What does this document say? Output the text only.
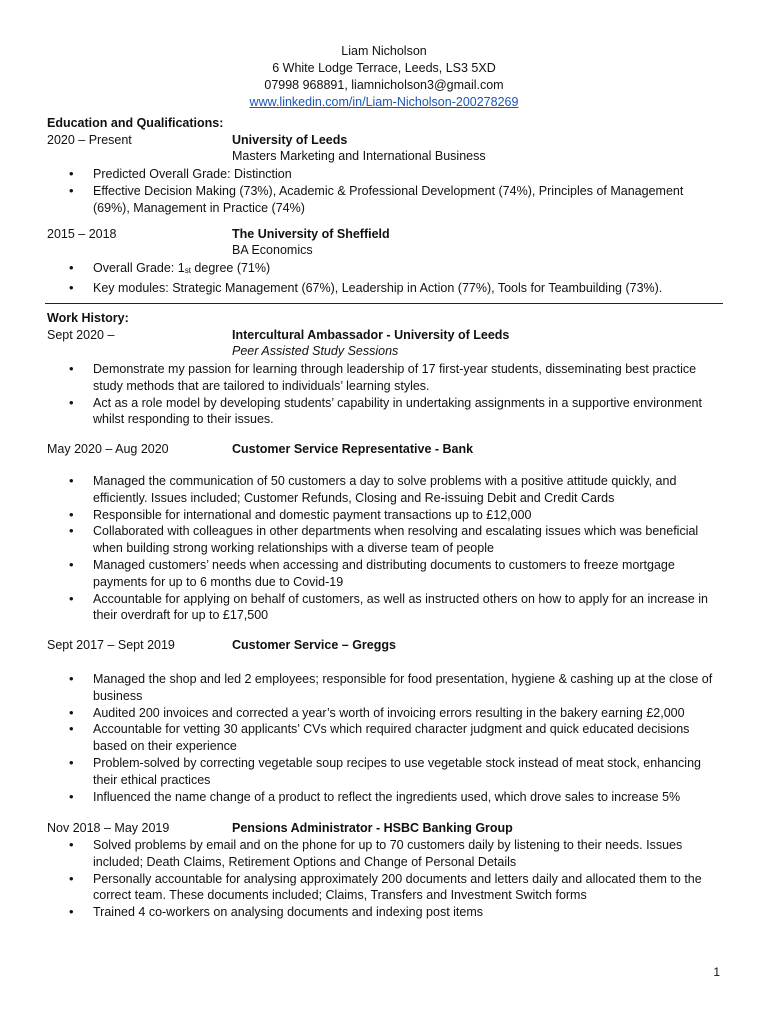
Liam Nicholson
6 White Lodge Terrace, Leeds, LS3 5XD
07998 968891, liamnicholson3@gmail.com
www.linkedin.com/in/Liam-Nicholson-200278269
Education and Qualifications:
2020 – Present	University of Leeds
Masters Marketing and International Business
• Predicted Overall Grade: Distinction
• Effective Decision Making (73%), Academic & Professional Development (74%), Principles of Management (69%), Management in Practice (74%)
2015 – 2018	The University of Sheffield
BA Economics
• Overall Grade: 1st degree (71%)
• Key modules: Strategic Management (67%), Leadership in Action (77%), Tools for Teambuilding (73%).
Work History:
Sept 2020 –	Intercultural Ambassador - University of Leeds
Peer Assisted Study Sessions
• Demonstrate my passion for learning through leadership of 17 first-year students, disseminating best practice study methods that are tailored to individuals’ learning styles.
• Act as a role model by developing students’ capability in undertaking assignments in a supportive environment whilst responding to their issues.
May 2020 – Aug 2020	Customer Service Representative - Bank
• Managed the communication of 50 customers a day to solve problems with a positive attitude quickly, and efficiently. Issues included; Customer Refunds, Closing and Re-issuing Debit and Credit Cards
• Responsible for international and domestic payment transactions up to £12,000
• Collaborated with colleagues in other departments when resolving and escalating issues which was beneficial when building strong working relationships with a diverse team of people
• Managed customers’ needs when accessing and distributing documents to customers to freeze mortgage payments for up to 6 months due to Covid-19
• Accountable for applying on behalf of customers, as well as instructed others on how to apply for an increase in their overdraft for up to £17,500
Sept 2017 – Sept 2019	Customer Service – Greggs
• Managed the shop and led 2 employees; responsible for food presentation, hygiene & cashing up at the close of business
• Audited 200 invoices and corrected a year’s worth of invoicing errors resulting in the bakery earning £2,000
• Accountable for vetting 30 applicants’ CVs which required character judgment and quick educated decisions based on their experience
• Problem-solved by correcting vegetable soup recipes to use vegetable stock instead of meat stock, enhancing their ethical practices
• Influenced the name change of a product to reflect the ingredients used, which drove sales to increase 5%
Nov 2018 – May 2019	Pensions Administrator - HSBC Banking Group
• Solved problems by email and on the phone for up to 70 customers daily by listening to their needs. Issues included; Death Claims, Retirement Options and Change of Personal Details
• Personally accountable for analysing approximately 200 documents and letters daily and allocated them to the correct team. These documents included; Claims, Transfers and Investment Switch forms
• Trained 4 co-workers on analysing documents and indexing post items
1
